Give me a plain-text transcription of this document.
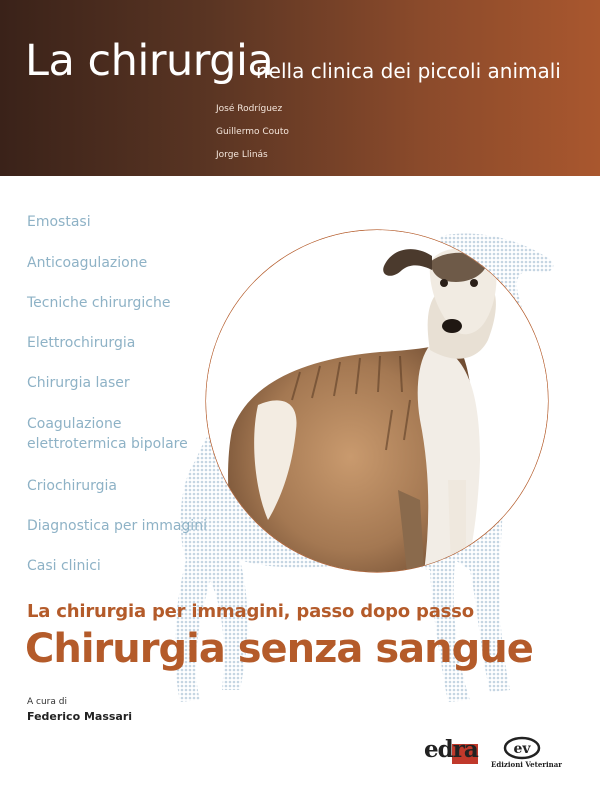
La chirurgia
nella clinica dei piccoli animali
José Rodríguez
Guillermo Couto
Jorge Llinás
Emostasi
Anticoagulazione
Tecniche chirurgiche
Elettrochirurgia
Chirurgia laser
Coagulazione
elettrotermica bipolare
Criochirurgia
Diagnostica per immagini
Casi clinici
La chirurgia per immagini, passo dopo passo
Chirurgia senza sangue
A cura di
Federico Massari
edra	ev
Edizioni Veterinar
